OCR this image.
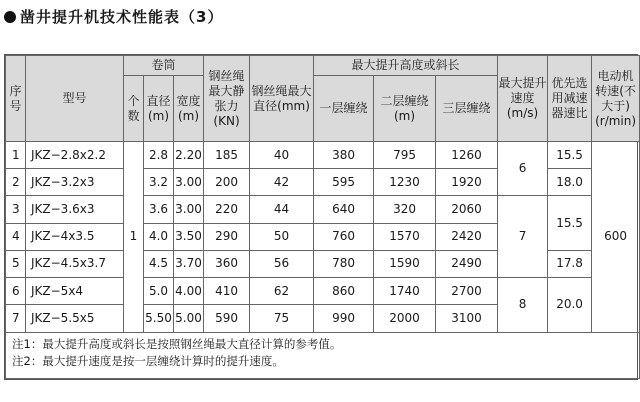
凿井提升机技术性能表（3）
序号	型号	卷筒			钢丝绳最大静张力(KN)	钢丝绳最大直径(mm)	最大提升高度或斜长			最大提升速度(m/s)	优先选用减速器速比	电动机转速(不大于)(r/min)
		个数	直径(m)	宽度(m)			一层缠绕	二层缠绕(m)	三层缠绕			

1	JKZ−2.8x2.2	1	2.8	2.20	185	40	380	795	1260	6	15.5	600
2	JKZ−3.2x3		3.2	3.00	200	42	595	1230	1920		18.0	
3	JKZ−3.6x3		3.6	3.00	220	44	640	320	2060	7	15.5	
4	JKZ−4x3.5		4.0	3.50	290	50	760	1570	2420			
5	JKZ−4.5x3.7		4.5	3.70	360	56	780	1590	2490		17.8	
6	JKZ−5x4		5.0	4.00	410	62	860	1740	2700	8	20.0	
7	JKZ−5.5x5		5.50	5.00	590	75	990	2000	3100			

注1：最大提升高度或斜长是按照钢丝绳最大直径计算的参考值。
注2：最大提升速度是按一层缠绕计算时的提升速度。												
